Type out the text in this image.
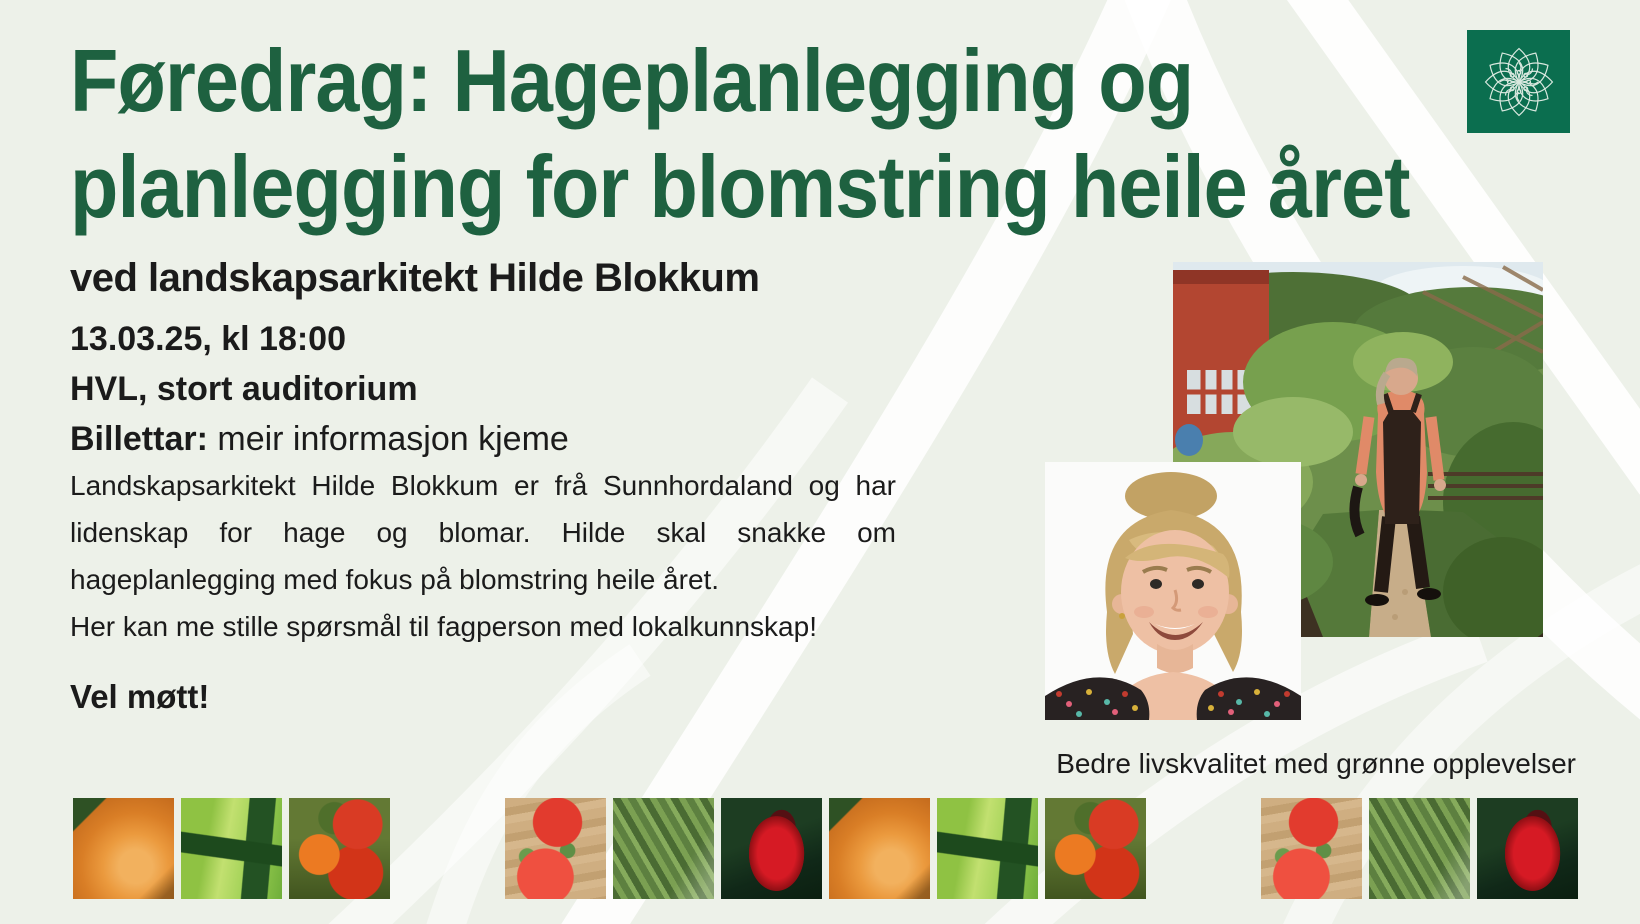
Føredrag: Hageplanlegging og
planlegging for blomstring heile året
ved landskapsarkitekt Hilde Blokkum
13.03.25, kl 18:00
HVL, stort auditorium
Billettar: meir informasjon kjeme

Landskapsarkitekt Hilde Blokkum er frå Sunnhordaland og har lidenskap for hage og blomar. Hilde skal snakke om hageplanlegging med fokus på blomstring heile året.

Her kan me stille spørsmål til fagperson med lokalkunnskap!

Vel møtt!
Bedre livskvalitet med grønne opplevelser
